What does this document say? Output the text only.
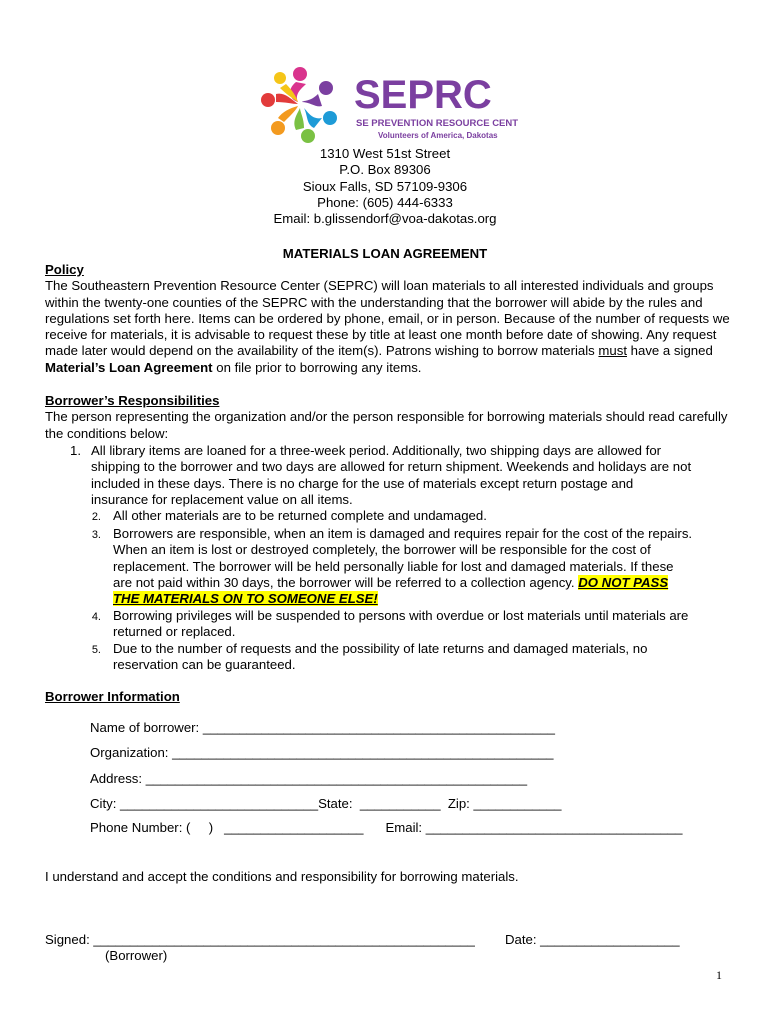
SEPRC
SE PREVENTION RESOURCE CENTER
Volunteers of America, Dakotas
1310 West 51st Street
P.O. Box 89306
Sioux Falls, SD 57109-9306
Phone: (605) 444-6333
Email: b.glissendorf@voa-dakotas.org
MATERIALS LOAN AGREEMENT
Policy

The Southeastern Prevention Resource Center (SEPRC) will loan materials to all interested individuals and groups within the twenty-one counties of the SEPRC with the understanding that the borrower will abide by the rules and regulations set forth here. Items can be ordered by phone, email, or in person. Because of the number of requests we receive for materials, it is advisable to request these by title at least one month before date of showing. Any request made later would depend on the availability of the item(s). Patrons wishing to borrow materials must have a signed Material’s Loan Agreement on file prior to borrowing any items.

Borrower’s Responsibilities

The person representing the organization and/or the person responsible for borrowing materials should read carefully the conditions below:

1. All library items are loaned for a three-week period. Additionally, two shipping days are allowed for
shipping to the borrower and two days are allowed for return shipment. Weekends and holidays are not
included in these days. There is no charge for the use of materials except return postage and
insurance for replacement value on all items.
2. All other materials are to be returned complete and undamaged.
3. Borrowers are responsible, when an item is damaged and requires repair for the cost of the repairs.
When an item is lost or destroyed completely, the borrower will be responsible for the cost of
replacement. The borrower will be held personally liable for lost and damaged materials. If these
are not paid within 30 days, the borrower will be referred to a collection agency. DO NOT PASS
THE MATERIALS ON TO SOMEONE ELSE!
4. Borrowing privileges will be suspended to persons with overdue or lost materials until materials are
returned or replaced.
5. Due to the number of requests and the possibility of late returns and damaged materials, no
reservation can be guaranteed.
Borrower Information
Name of borrower: ________________________________________________
Organization: ____________________________________________________
Address: ____________________________________________________
City: ___________________________State:  ___________  Zip: ____________
Phone Number: (     )   ___________________      Email: ___________________________________
I understand and accept the conditions and responsibility for borrowing materials.
Signed: ____________________________________________________ Date: ___________________
(Borrower)
1
